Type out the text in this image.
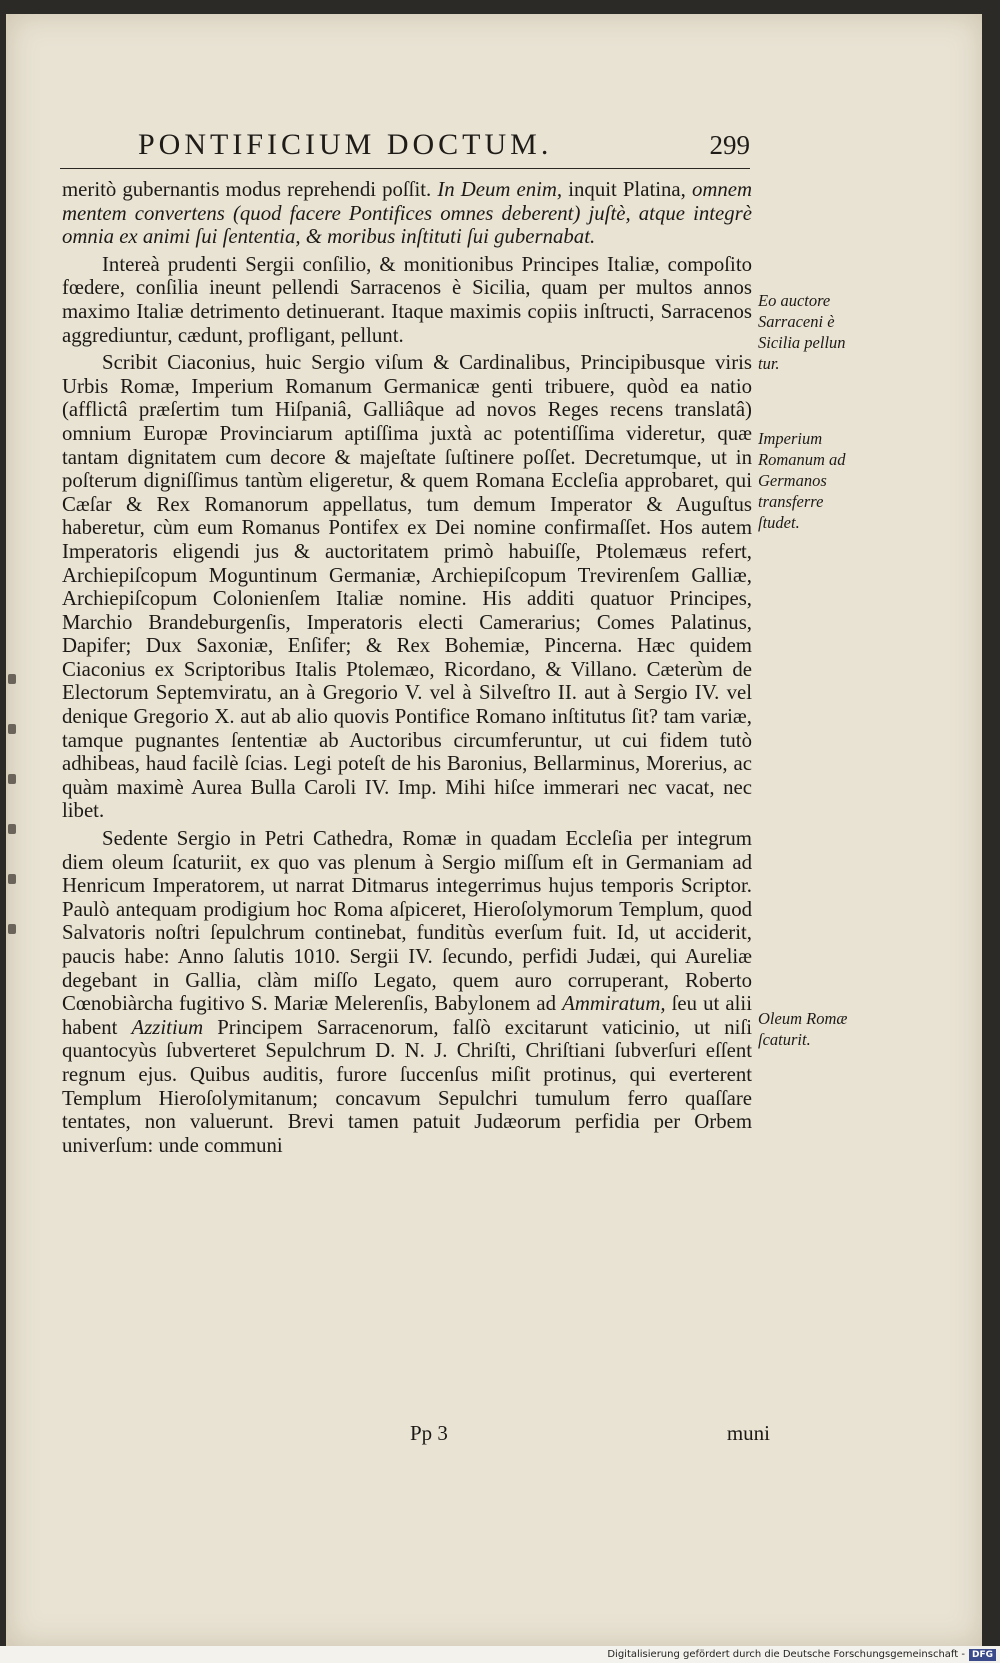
PONTIFICIUM DOCTUM.	299

meritò gubernantis modus reprehendi poſſit. In Deum enim, inquit Platina, omnem mentem convertens (quod facere Pontifices omnes deberent) juſtè, atque integrè omnia ex animi ſui ſententia, & moribus inſtituti ſui gubernabat.

Intereà prudenti Sergii conſilio, & monitionibus Principes Italiæ, compoſito fœdere, conſilia ineunt pellendi Sarracenos è Sicilia, quam per multos annos maximo Italiæ detrimento detinuerant. Itaque maximis copiis inſtructi, Sarracenos aggrediuntur, cædunt, profligant, pellunt.

Scribit Ciaconius, huic Sergio viſum & Cardinalibus, Principibusque viris Urbis Romæ, Imperium Romanum Germanicæ genti tribuere, quòd ea natio (afflictâ præſertim tum Hiſpaniâ, Galliâque ad novos Reges recens translatâ) omnium Europæ Provinciarum aptiſſima juxtà ac potentiſſima videretur, quæ tantam dignitatem cum decore & majeſtate ſuſtinere poſſet. Decretumque, ut in poſterum digniſſimus tantùm eligeretur, & quem Romana Eccleſia approbaret, qui Cæſar & Rex Romanorum appellatus, tum demum Imperator & Auguſtus haberetur, cùm eum Romanus Pontifex ex Dei nomine confirmaſſet. Hos autem Imperatoris eligendi jus & auctoritatem primò habuiſſe, Ptolemæus refert, Archiepiſcopum Moguntinum Germaniæ, Archiepiſcopum Trevirenſem Galliæ, Archiepiſcopum Colonienſem Italiæ nomine. His additi quatuor Principes, Marchio Brandeburgenſis, Imperatoris electi Camerarius; Comes Palatinus, Dapifer; Dux Saxoniæ, Enſifer; & Rex Bohemiæ, Pincerna. Hæc quidem Ciaconius ex Scriptoribus Italis Ptolemæo, Ricordano, & Villano. Cæterùm de Electorum Septemviratu, an à Gregorio V. vel à Silveſtro II. aut à Sergio IV. vel denique Gregorio X. aut ab alio quovis Pontifice Romano inſtitutus ſit? tam variæ, tamque pugnantes ſententiæ ab Auctoribus circumferuntur, ut cui fidem tutò adhibeas, haud facilè ſcias. Legi poteſt de his Baronius, Bellarminus, Morerius, ac quàm maximè Aurea Bulla Caroli IV. Imp. Mihi hiſce immerari nec vacat, nec libet.

Sedente Sergio in Petri Cathedra, Romæ in quadam Eccleſia per integrum diem oleum ſcaturiit, ex quo vas plenum à Sergio miſſum eſt in Germaniam ad Henricum Imperatorem, ut narrat Ditmarus integerrimus hujus temporis Scriptor. Paulò antequam prodigium hoc Roma aſpiceret, Hieroſolymorum Templum, quod Salvatoris noſtri ſepulchrum continebat, funditùs everſum fuit. Id, ut acciderit, paucis habe: Anno ſalutis 1010. Sergii IV. ſecundo, perfidi Judæi, qui Aureliæ degebant in Gallia, clàm miſſo Legato, quem auro corruperant, Roberto Cœnobiàrcha fugitivo S. Mariæ Melerenſis, Babylonem ad Ammiratum, ſeu ut alii habent Azzitium Principem Sarracenorum, falſò excitarunt vaticinio, ut niſi quantocyùs ſubverteret Sepulchrum D. N. J. Chriſti, Chriſtiani ſubverſuri eſſent regnum ejus. Quibus auditis, furore ſuccenſus miſit protinus, qui everterent Templum Hieroſolymitanum; concavum Sepulchri tumulum ferro quaſſare tentates, non valuerunt. Brevi tamen patuit Judæorum perfidia per Orbem univerſum: unde communi

Eo auctore Sarraceni è Sicilia pellun tur.
Imperium Romanum ad Germanos transferre ſtudet.
Oleum Romæ ſcaturit.
Pp 3	muni
Digitalisierung gefördert durch die Deutsche Forschungsgemeinschaft - DFG
